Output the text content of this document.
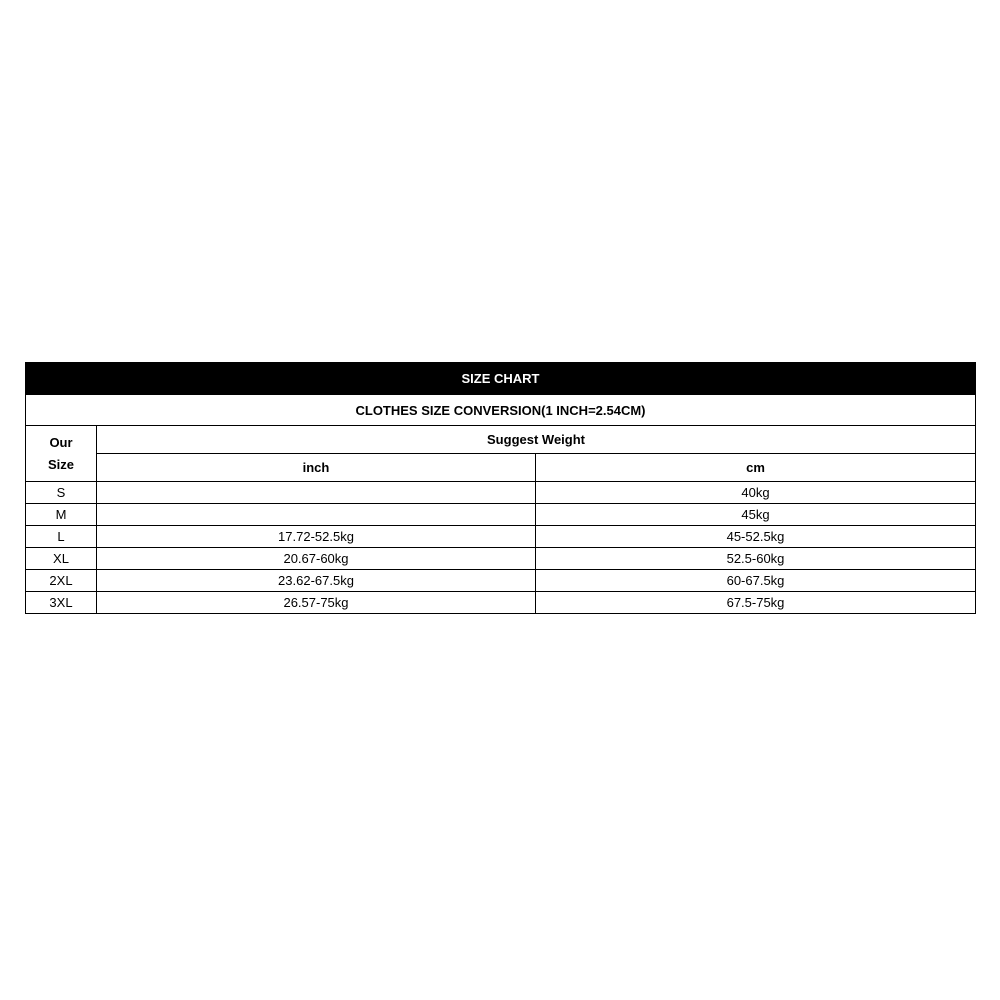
SIZE CHART		
CLOTHES SIZE CONVERSION(1 INCH=2.54CM)		

Our
Size	Suggest Weight	
	inch	cm
S		40kg
M		45kg
L	17.72-52.5kg	45-52.5kg
XL	20.67-60kg	52.5-60kg
2XL	23.62-67.5kg	60-67.5kg
3XL	26.57-75kg	67.5-75kg
